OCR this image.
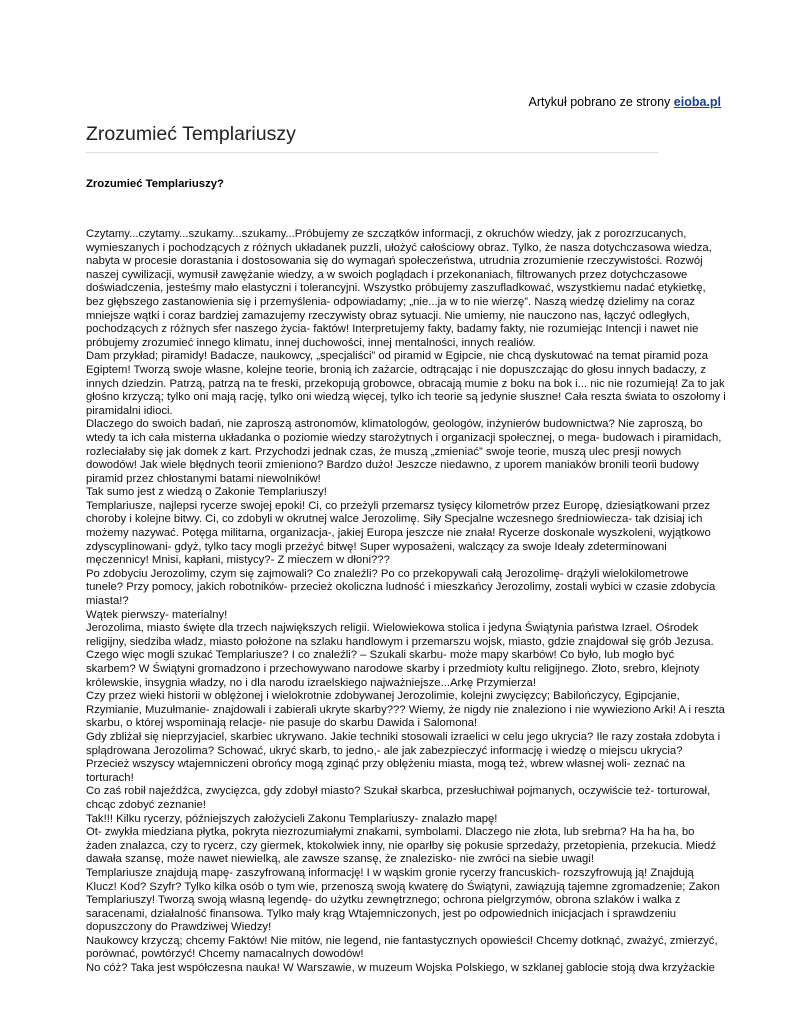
Artykuł pobrano ze strony eioba.pl
Zrozumieć Templariuszy
Zrozumieć Templariuszy?

Czytamy...czytamy...szukamy...szukamy...Próbujemy ze szczątków informacji, z okruchów wiedzy, jak z porozrzucanych, wymieszanych i pochodzących z różnych układanek puzzli, ułożyć całościowy obraz. Tylko, że nasza dotychczasowa wiedza, nabyta w procesie dorastania i dostosowania się do wymagań społeczeństwa, utrudnia zrozumienie rzeczywistości. Rozwój naszej cywilizacji, wymusił zawężanie wiedzy, a w swoich poglądach i przekonaniach, filtrowanych przez dotychczasowe doświadczenia, jesteśmy mało elastyczni i tolerancyjni. Wszystko próbujemy zaszufladkować, wszystkiemu nadać etykietkę, bez głębszego zastanowienia się i przemyślenia- odpowiadamy; „nie...ja w to nie wierzę”. Naszą wiedzę dzielimy na coraz mniejsze wątki i coraz bardziej zamazujemy rzeczywisty obraz sytuacji. Nie umiemy, nie nauczono nas, łączyć odległych, pochodzących z różnych sfer naszego życia- faktów! Interpretujemy fakty, badamy fakty, nie rozumiejąc Intencji i nawet nie próbujemy zrozumieć innego klimatu, innej duchowości, innej mentalności, innych realiów.

Dam przykład; piramidy! Badacze, naukowcy, „specjaliści” od piramid w Egipcie, nie chcą dyskutować na temat piramid poza Egiptem! Tworzą swoje własne, kolejne teorie, bronią ich zażarcie, odtrącając i nie dopuszczając do głosu innych badaczy, z innych dziedzin. Patrzą, patrzą na te freski, przekopują grobowce, obracają mumie z boku na bok i... nic nie rozumieją! Za to jak głośno krzyczą; tylko oni mają rację, tylko oni wiedzą więcej, tylko ich teorie są jedynie słuszne! Cała reszta świata to oszołomy i piramidalni idioci.

Dlaczego do swoich badań, nie zaproszą astronomów, klimatologów, geologów, inżynierów budownictwa? Nie zaproszą, bo wtedy ta ich cała misterna układanka o poziomie wiedzy starożytnych i organizacji społecznej, o mega- budowach i piramidach, rozleciałaby się jak domek z kart. Przychodzi jednak czas, że muszą „zmieniać” swoje teorie, muszą ulec presji nowych dowodów! Jak wiele błędnych teorii zmieniono? Bardzo dużo! Jeszcze niedawno, z uporem maniaków bronili teorii budowy piramid przez chłostanymi batami niewolników!

Tak sumo jest z wiedzą o Zakonie Templariuszy!

Templariusze, najlepsi rycerze swojej epoki! Ci, co przeżyli przemarsz tysięcy kilometrów przez Europę, dziesiątkowani przez choroby i kolejne bitwy. Ci, co zdobyli w okrutnej walce Jerozolimę. Siły Specjalne wczesnego średniowiecza- tak dzisiaj ich możemy nazywać. Potęga militarna, organizacja-, jakiej Europa jeszcze nie znała! Rycerze doskonale wyszkoleni, wyjątkowo zdyscyplinowani- gdyż, tylko tacy mogli przeżyć bitwę! Super wyposażeni, walczący za swoje Ideały zdeterminowani męczennicy! Mnisi, kapłani, mistycy?- Z mieczem w dłoni???

Po zdobyciu Jerozolimy, czym się zajmowali? Co znaleźli? Po co przekopywali całą Jerozolimę- drążyli wielokilometrowe tunele? Przy pomocy, jakich robotników- przecież okoliczna ludność i mieszkańcy Jerozolimy, zostali wybici w czasie zdobycia miasta!?

Wątek pierwszy- materialny!

Jerozolima, miasto święte dla trzech największych religii. Wielowiekowa stolica i jedyna Świątynia państwa Izrael. Ośrodek religijny, siedziba władz, miasto położone na szlaku handlowym i przemarszu wojsk, miasto, gdzie znajdował się grób Jezusa. Czego więc mogli szukać Templariusze? I co znaleźli? – Szukali skarbu- może mapy skarbów! Co było, lub mogło być skarbem? W Świątyni gromadzono i przechowywano narodowe skarby i przedmioty kultu religijnego. Złoto, srebro, klejnoty królewskie, insygnia władzy, no i dla narodu izraelskiego najważniejsze...Arkę Przymierza!

Czy przez wieki historii w oblężonej i wielokrotnie zdobywanej Jerozolimie, kolejni zwycięzcy; Babilończycy, Egipcjanie, Rzymianie, Muzułmanie- znajdowali i zabierali ukryte skarby??? Wiemy, że nigdy nie znaleziono i nie wywieziono Arki! A i reszta skarbu, o której wspominają relacje- nie pasuje do skarbu Dawida i Salomona!

Gdy zbliżał się nieprzyjaciel, skarbiec ukrywano. Jakie techniki stosowali izraelici w celu jego ukrycia? Ile razy została zdobyta i splądrowana Jerozolima? Schować, ukryć skarb, to jedno,- ale jak zabezpieczyć informację i wiedzę o miejscu ukrycia? Przecież wszyscy wtajemniczeni obrońcy mogą zginąć przy oblężeniu miasta, mogą też, wbrew własnej woli- zeznać na torturach!

Co zaś robił najeźdźca, zwycięzca, gdy zdobył miasto? Szukał skarbca, przesłuchiwał pojmanych, oczywiście też- torturował, chcąc zdobyć zeznanie!

Tak!!! Kilku rycerzy, późniejszych założycieli Zakonu Templariuszy- znalazło mapę!

Ot- zwykła miedziana płytka, pokryta niezrozumiałymi znakami, symbolami. Dlaczego nie złota, lub srebrna? Ha ha ha, bo żaden znalazca, czy to rycerz, czy giermek, ktokolwiek inny, nie oparłby się pokusie sprzedaży, przetopienia, przekucia. Miedź dawała szansę, może nawet niewielką, ale zawsze szansę, że znalezisko- nie zwróci na siebie uwagi!

Templariusze znajdują mapę- zaszyfrowaną informację! I w wąskim gronie rycerzy francuskich- rozszyfrowują ją! Znajdują Klucz! Kod? Szyfr? Tylko kilka osób o tym wie, przenoszą swoją kwaterę do Świątyni, zawiązują tajemne zgromadzenie; Zakon Templariuszy! Tworzą swoją własną legendę- do użytku zewnętrznego; ochrona pielgrzymów, obrona szlaków i walka z saracenami, działalność finansowa. Tylko mały krąg Wtajemniczonych, jest po odpowiednich inicjacjach i sprawdzeniu dopuszczony do Prawdziwej Wiedzy!

Naukowcy krzyczą; chcemy Faktów! Nie mitów, nie legend, nie fantastycznych opowieści! Chcemy dotknąć, zważyć, zmierzyć, porównać, powtórzyć! Chcemy namacalnych dowodów!

No cóż? Taka jest współczesna nauka! W Warszawie, w muzeum Wojska Polskiego, w szklanej gablocie stoją dwa krzyżackie
